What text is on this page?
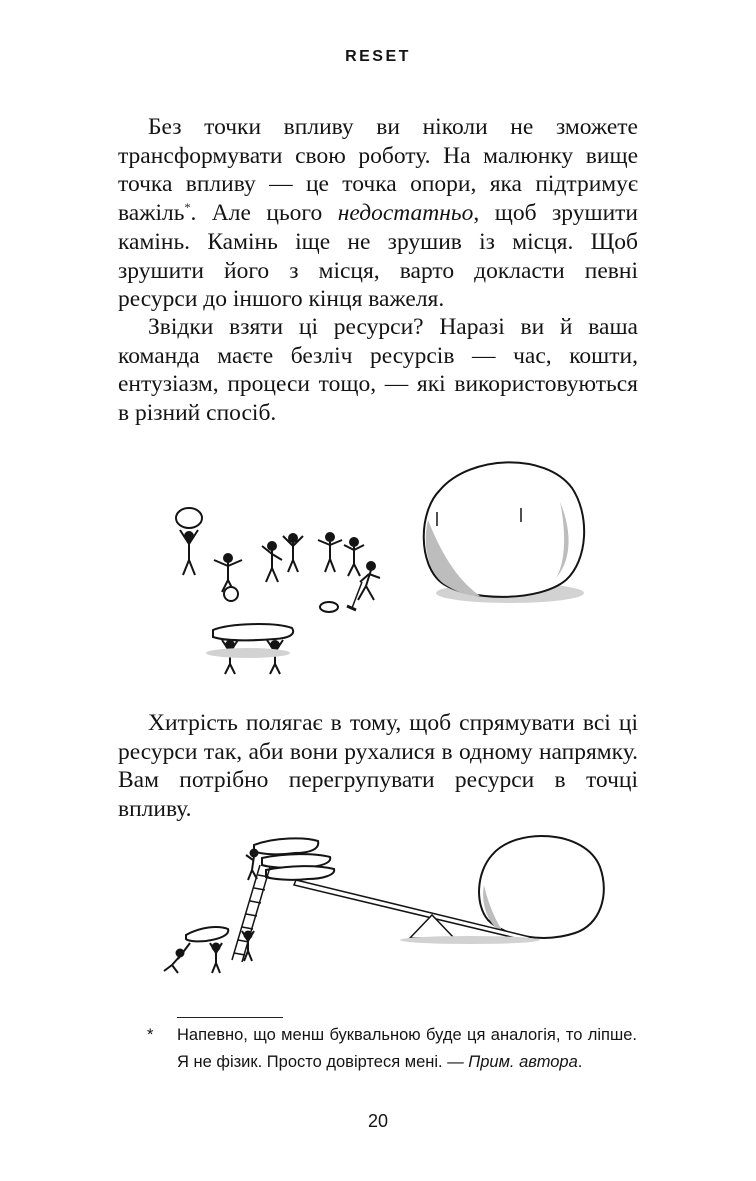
RESET

Без точки впливу ви ніколи не зможете трансформувати свою роботу. На малюнку вище точка впливу — це точка опори, яка підтримує важіль*. Але цього недостатньо, щоб зрушити камінь. Камінь іще не зрушив із місця. Щоб зрушити його з місця, варто докласти певні ресурси до іншого кінця важеля.

Звідки взяти ці ресурси? Наразі ви й ваша команда маєте безліч ресурсів — час, кошти, ентузіазм, процеси тощо, — які використовуються в різний спосіб.

Хитрість полягає в тому, щоб спрямувати всі ці ресурси так, аби вони рухалися в одному напрямку. Вам потрібно перегрупувати ресурси в точці впливу.

* Напевно, що менш буквальною буде ця аналогія, то ліпше. Я не фізик. Просто довіртеся мені. — Прим. автора.
20
